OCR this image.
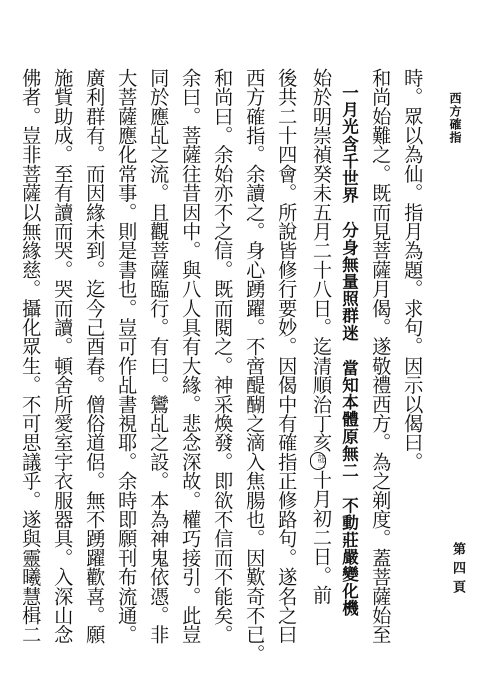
西方確指
第四頁
時。眾以為仙。指月為題。求句。因示以偈曰。
和尚始難之。既而見菩薩月偈。遂敬禮西方。為之剃度。蓋菩薩始至
一月光含千世界分身無量照群迷當知本體原無二不動莊嚴變化機
始於明崇禎癸未五月二十八日。迄清順治丁亥註二十月初二日。前
後共二十四會。所說皆修行要妙。因偈中有確指正修路句。遂名之曰
西方確指。余讀之。身心踴躍。不啻醍醐之滴入焦腸也。因歎奇不已。
和尚曰。余始亦不之信。既而閱之。神采煥發。即欲不信而不能矣。
余曰。菩薩往昔因中。與八人具有大緣。悲念深故。權巧接引。此豈
同於應乩之流。且觀菩薩臨行。有曰。鸞乩之設。本為神鬼依憑。非
大菩薩應化常事。則是書也。豈可作乩書視耶。余時即願刊布流通。
廣利群有。而因緣未到。迄今己酉春。僧俗道侶。無不踴躍歡喜。願
施貲助成。至有讀而哭。哭而讀。頓舍所愛室宇衣服器具。入深山念
佛者。豈非菩薩以無緣慈。攝化眾生。不可思議乎。遂與靈曦慧楫二
